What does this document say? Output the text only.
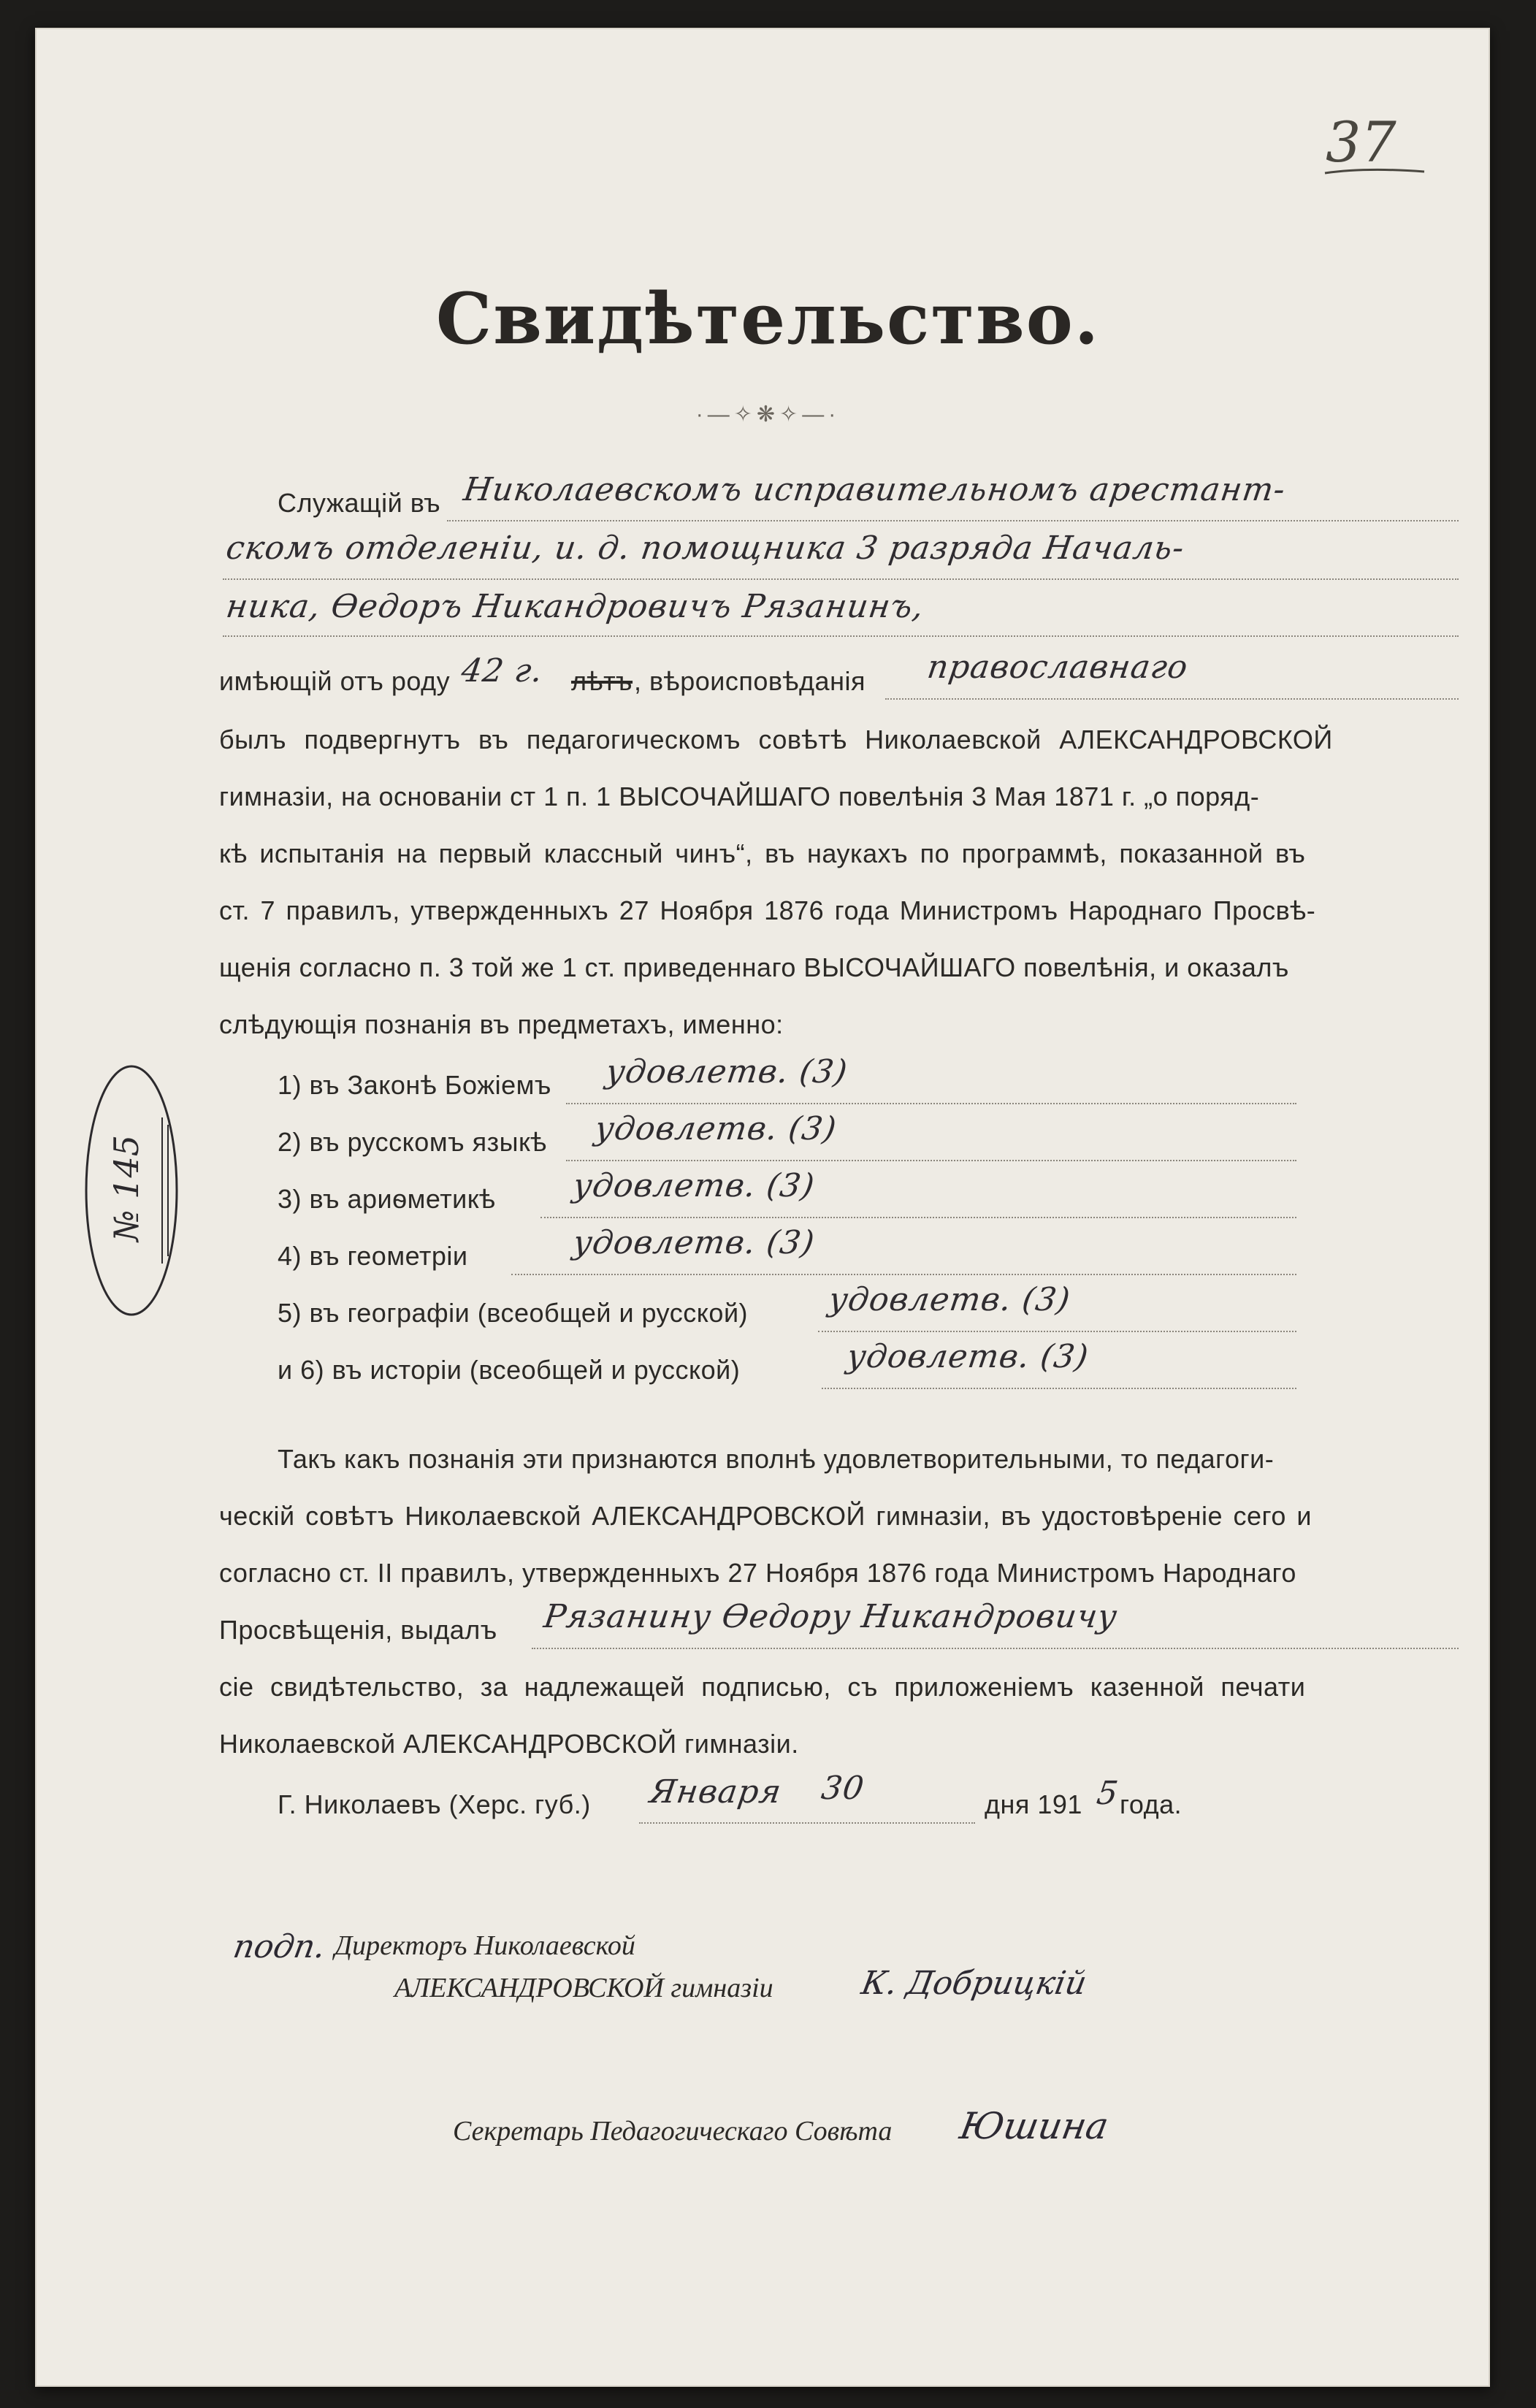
37
№ 145
Свидѣтельство.
·—✧❋✧—·
Служащій въ Николаевскомъ исправительномъ арестант-
скомъ отделеніи, и. д. помощника 3 разряда Началь-
ника, Өедоръ Никандровичъ Рязанинъ,
имѣющій отъ роду 42 г. лѣтъ , вѣроисповѣданія православнаго
былъ подвергнутъ въ педагогическомъ совѣтѣ Николаевской АЛЕКСАНДРОВСКОЙ
гимназіи, на основаніи ст 1 п. 1 ВЫСОЧАЙШАГО повелѣнія 3 Мая 1871 г. „о поряд-
кѣ испытанія на первый классный чинъ“, въ наукахъ по программѣ, показанной въ
ст. 7 правилъ, утвержденныхъ 27 Ноября 1876 года Министромъ Народнаго Просвѣ-
щенія согласно п. 3 той же 1 ст. приведеннаго ВЫСОЧАЙШАГО повелѣнія, и оказалъ
слѣдующія познанія въ предметахъ, именно:
1) въ Законѣ Божіемъ удовлетв. (3)
2) въ русскомъ языкѣ удовлетв. (3)
3) въ ариѳметикѣ удовлетв. (3)
4) въ геометріи	удовлетв. (3)
5) въ географіи (всеобщей и русской) удовлетв. (3)
и 6) въ исторіи (всеобщей и русской)	удовлетв. (3)
Такъ какъ познанія эти признаются вполнѣ удовлетворительными, то педагоги-
ческій совѣтъ Николаевской АЛЕКСАНДРОВСКОЙ гимназіи, въ удостовѣреніе сего и
согласно ст. II правилъ, утвержденныхъ 27 Ноября 1876 года Министромъ Народнаго
Просвѣщенія, выдалъ Рязанину Өедору Никандровичу
сіе свидѣтельство, за надлежащей подписью, съ приложеніемъ казенной печати
Николаевской АЛЕКСАНДРОВСКОЙ гимназіи.
Г. Николаевъ (Херс. губ.) Января 30	дня 191 5
года.
подп. Директоръ Николаевской
АЛЕКСАНДРОВСКОЙ гимназіи	К. Добрицкій
Секретарь Педагогическаго Совѣта Юшина
